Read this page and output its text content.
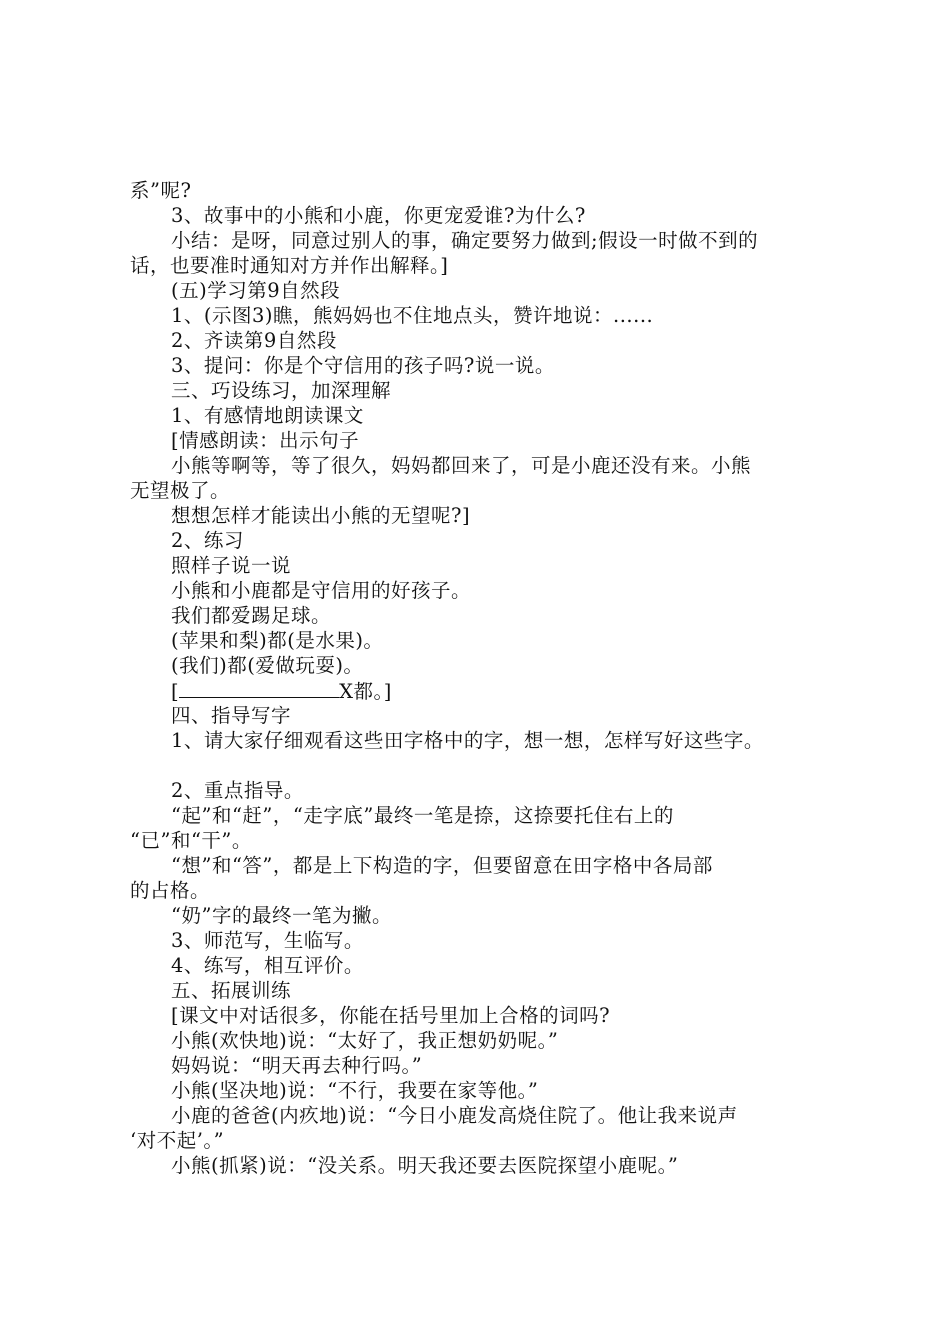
系”呢?
3、故事中的小熊和小鹿，你更宠爱谁?为什么?
小结：是呀，同意过别人的事，确定要努力做到;假设一时做不到的
话，也要准时通知对方并作出解释。]
(五)学习第9自然段
1、(示图3)瞧，熊妈妈也不住地点头，赞许地说：......
2、齐读第9自然段
3、提问：你是个守信用的孩子吗?说一说。
三、巧设练习，加深理解
1、有感情地朗读课文
[情感朗读：出示句子
小熊等啊等，等了很久，妈妈都回来了，可是小鹿还没有来。小熊
无望极了。
想想怎样才能读出小熊的无望呢?]
2、练习
照样子说一说
小熊和小鹿都是守信用的好孩子。
我们都爱踢足球。
(苹果和梨)都(是水果)。
(我们)都(爱做玩耍)。
[	X都。]
四、指导写字
1、请大家仔细观看这些田字格中的字，想一想，怎样写好这些字。
2、重点指导。
“起”和“赶”，“走字底”最终一笔是捺，这捺要托住右上的
“已”和“干”。
“想”和“答”，都是上下构造的字，但要留意在田字格中各局部
的占格。
“奶”字的最终一笔为撇。
3、师范写，生临写。
4、练写，相互评价。
五、拓展训练
[课文中对话很多，你能在括号里加上合格的词吗?
小熊(欢快地)说：“太好了，我正想奶奶呢。”
妈妈说：“明天再去种行吗。”
小熊(坚决地)说：“不行，我要在家等他。”
小鹿的爸爸(内疚地)说：“今日小鹿发高烧住院了。他让我来说声
‘对不起’。”
小熊(抓紧)说：“没关系。明天我还要去医院探望小鹿呢。”
